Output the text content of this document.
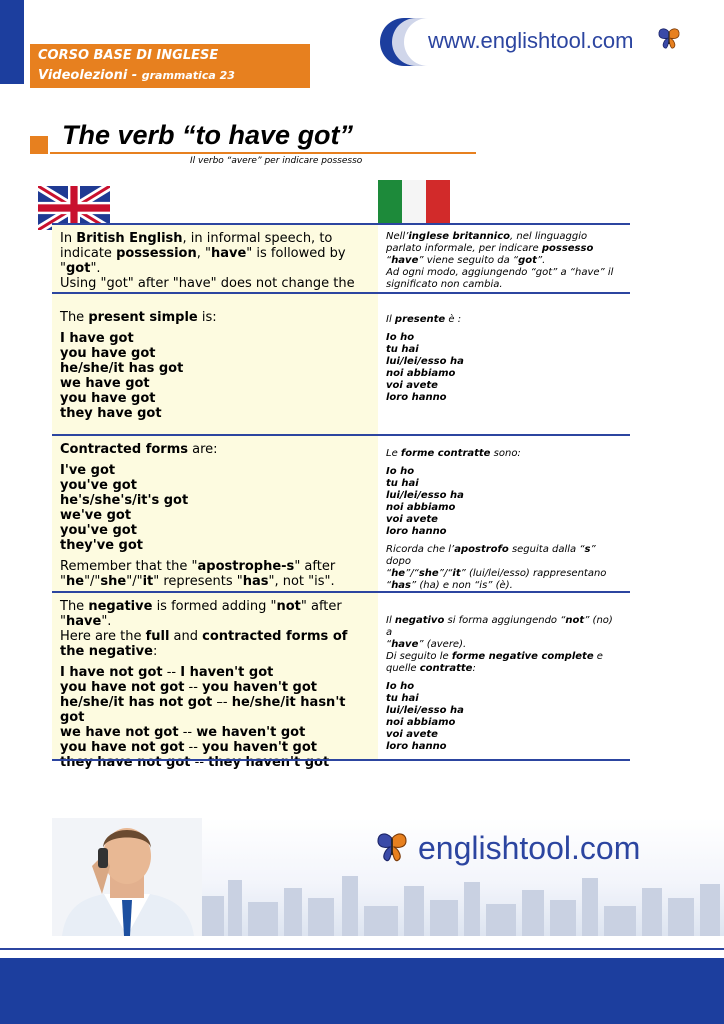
CORSO BASE DI INGLESE
Videolezioni - grammatica 23
www.englishtool.com
The verb “to have got”
Il verbo “avere” per indicare possesso
In British English, in informal speech, to indicate possession, "have" is followed by "got".
Using "got" after "have" does not change the
Nell’inglese britannico, nel linguaggio parlato informale, per indicare possesso “have” viene seguito da “got”.
Ad ogni modo, aggiungendo “got” a “have” il significato non cambia.
The present simple is:
I have got
you have got
he/she/it has got
we have got
you have got
they have got
Il presente è :
Io ho
tu hai
lui/lei/esso ha
noi abbiamo
voi avete
loro hanno
Contracted forms are:
I've got
you've got
he's/she's/it's got
we've got
you've got
they've got
Remember that the "apostrophe-s" after
"he"/"she"/"it" represents "has", not "is".
Le forme contratte sono:
Io ho
tu hai
lui/lei/esso ha
noi abbiamo
voi avete
loro hanno
Ricorda che l’apostrofo seguita dalla “s” dopo
“he”/“she”/“it” (lui/lei/esso) rappresentano
“has” (ha) e non “is” (è).
The negative is formed adding "not" after
"have".
Here are the full and contracted forms of the negative:
I have not got -- I haven't got
you have not got -- you haven't got
he/she/it has not got –- he/she/it hasn't got
we have not got -- we haven't got
you have not got -- you haven't got
they have not got -- they haven't got
Il negativo si forma aggiungendo “not” (no) a
“have” (avere).
Di seguito le forme negative complete e
quelle contratte:
Io ho
tu hai
lui/lei/esso ha
noi abbiamo
voi avete
loro hanno
englishtool.com
